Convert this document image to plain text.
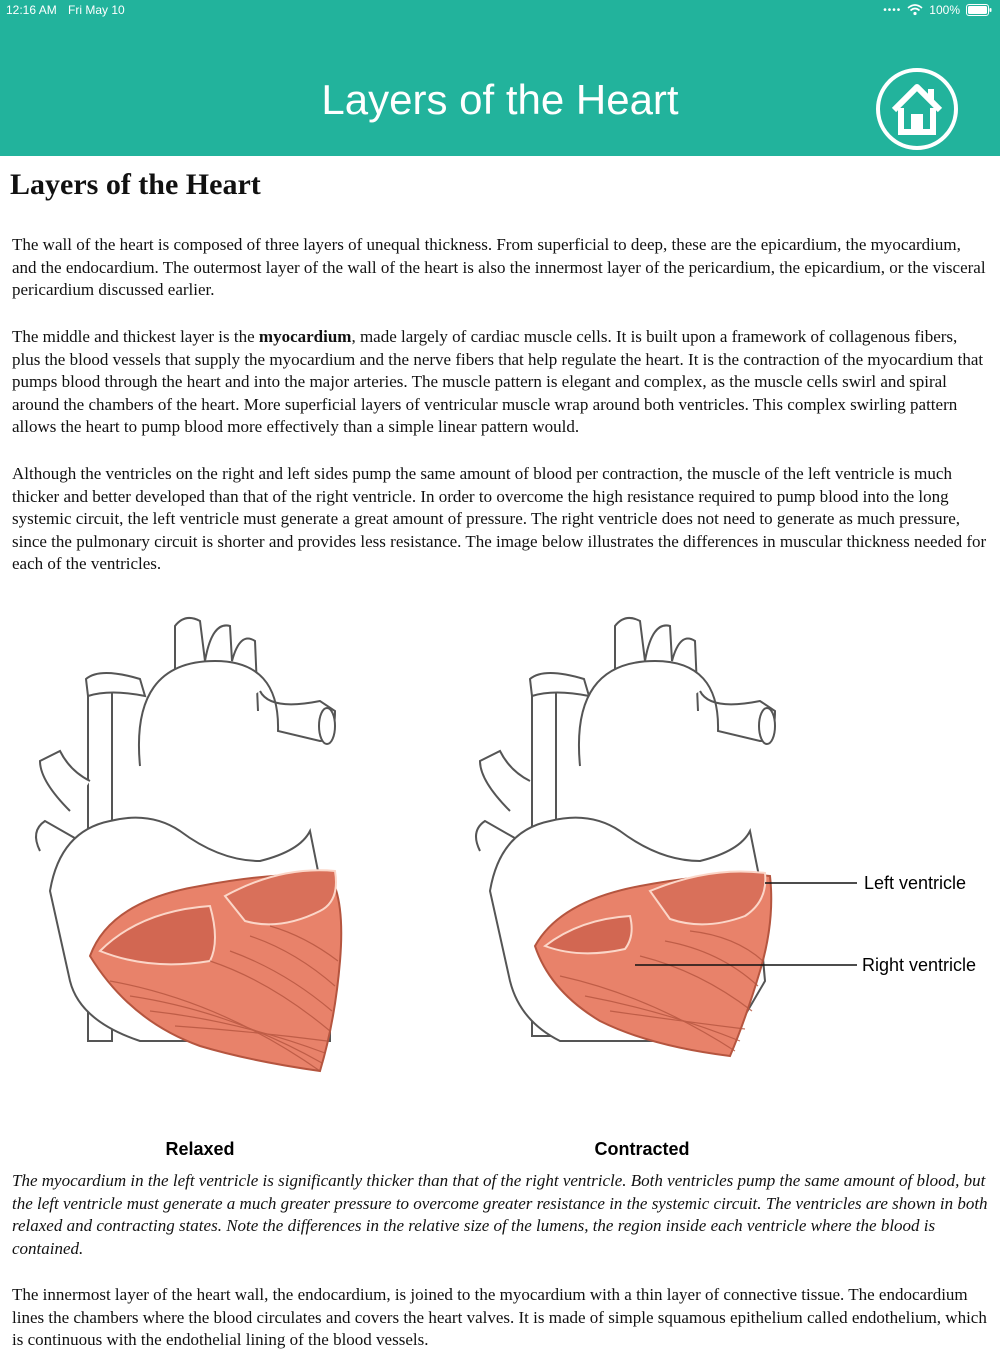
12:16 AM Fri May 10	•••• 100%
Layers of the Heart
Layers of the Heart

The wall of the heart is composed of three layers of unequal thickness. From superficial to deep, these are the epicardium, the myocardium, and the endocardium. The outermost layer of the wall of the heart is also the innermost layer of the pericardium, the epicardium, or the visceral pericardium discussed earlier.

The middle and thickest layer is the myocardium, made largely of cardiac muscle cells. It is built upon a framework of collagenous fibers, plus the blood vessels that supply the myocardium and the nerve fibers that help regulate the heart. It is the contraction of the myocardium that pumps blood through the heart and into the major arteries. The muscle pattern is elegant and complex, as the muscle cells swirl and spiral around the chambers of the heart. More superficial layers of ventricular muscle wrap around both ventricles. This complex swirling pattern allows the heart to pump blood more effectively than a simple linear pattern would.

Although the ventricles on the right and left sides pump the same amount of blood per contraction, the muscle of the left ventricle is much thicker and better developed than that of the right ventricle. In order to overcome the high resistance required to pump blood into the long systemic circuit, the left ventricle must generate a great amount of pressure. The right ventricle does not need to generate as much pressure, since the pulmonary circuit is shorter and provides less resistance. The image below illustrates the differences in muscular thickness needed for each of the ventricles.

Left ventricle
Right ventricle
Relaxed	Contracted

The myocardium in the left ventricle is significantly thicker than that of the right ventricle. Both ventricles pump the same amount of blood, but the left ventricle must generate a much greater pressure to overcome greater resistance in the systemic circuit. The ventricles are shown in both relaxed and contracting states. Note the differences in the relative size of the lumens, the region inside each ventricle where the blood is contained.

The innermost layer of the heart wall, the endocardium, is joined to the myocardium with a thin layer of connective tissue. The endocardium lines the chambers where the blood circulates and covers the heart valves. It is made of simple squamous epithelium called endothelium, which is continuous with the endothelial lining of the blood vessels.
